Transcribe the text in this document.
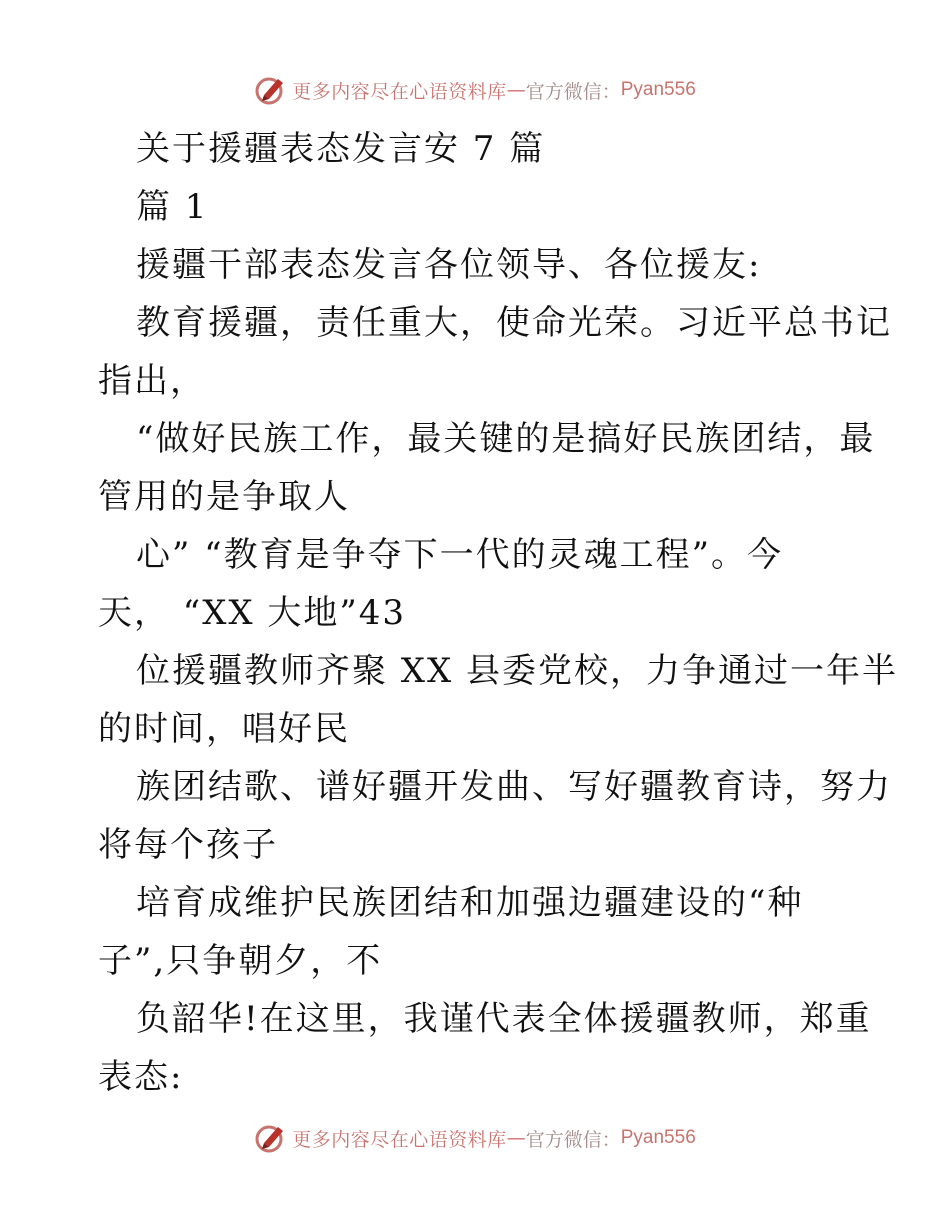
更多内容尽在心语资料库 — 官方微信： Pyan556
关于援疆表态发言安 7 篇
篇 1
援疆干部表态发言各位领导、各位援友:
教育援疆，责任重大，使命光荣。习近平总书记
指出，
“做好民族工作，最关键的是搞好民族团结，最
管用的是争取人
心” “教育是争夺下一代的灵魂工程”。今
天， “XX 大地”43
位援疆教师齐聚 XX 县委党校，力争通过一年半
的时间，唱好民
族团结歌、谱好疆开发曲、写好疆教育诗，努力
将每个孩子
培育成维护民族团结和加强边疆建设的“种
子”,只争朝夕，不
负韶华!在这里，我谨代表全体援疆教师，郑重
表态:
更多内容尽在心语资料库 — 官方微信： Pyan556
